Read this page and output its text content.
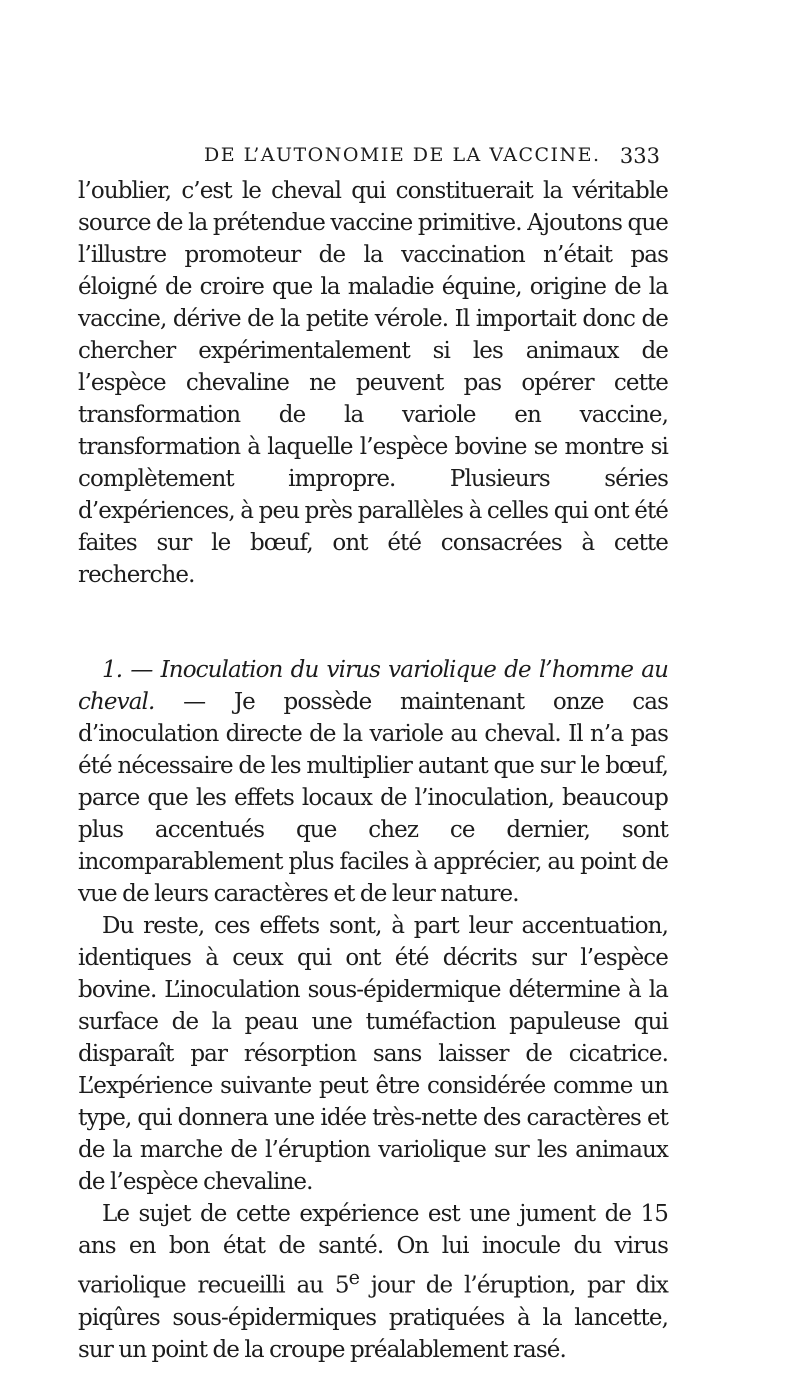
DE L’AUTONOMIE DE LA VACCINE. 333

l’oublier, c’est le cheval qui constituerait la véritable source de la prétendue vaccine primitive. Ajoutons que l’illustre promoteur de la vaccination n’était pas éloigné de croire que la maladie équine, origine de la vaccine, dérive de la petite vérole. Il importait donc de chercher expérimentalement si les animaux de l’espèce chevaline ne peuvent pas opérer cette transformation de la variole en vaccine, transformation à laquelle l’espèce bovine se montre si complètement impropre. Plusieurs séries d’expériences, à peu près parallèles à celles qui ont été faites sur le bœuf, ont été consacrées à cette recherche.

1. — Inoculation du virus variolique de l’homme au cheval. — Je possède maintenant onze cas d’inoculation directe de la variole au cheval. Il n’a pas été nécessaire de les multiplier autant que sur le bœuf, parce que les effets locaux de l’inoculation, beaucoup plus accentués que chez ce dernier, sont incomparablement plus faciles à apprécier, au point de vue de leurs caractères et de leur nature.

Du reste, ces effets sont, à part leur accentuation, identiques à ceux qui ont été décrits sur l’espèce bovine. L’inoculation sous-épidermique détermine à la surface de la peau une tuméfaction papuleuse qui disparaît par résorption sans laisser de cicatrice. L’expérience suivante peut être considérée comme un type, qui donnera une idée très-nette des caractères et de la marche de l’éruption variolique sur les animaux de l’espèce chevaline.

Le sujet de cette expérience est une jument de 15 ans en bon état de santé. On lui inocule du virus variolique recueilli au 5e jour de l’éruption, par dix piqûres sous-épidermiques pratiquées à la lancette, sur un point de la croupe préalablement rasé.
